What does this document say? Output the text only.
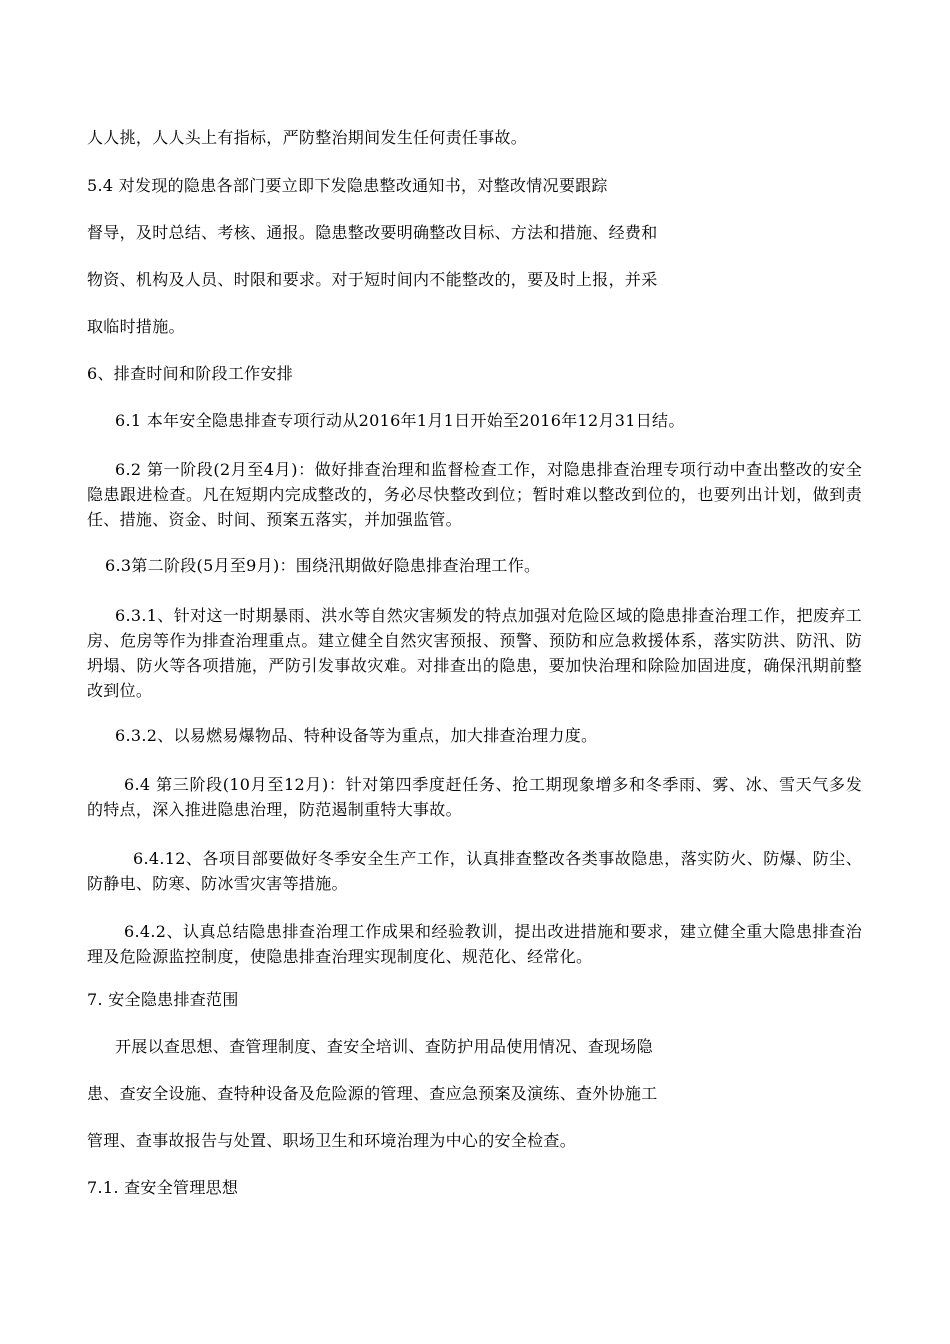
人人挑，人人头上有指标，严防整治期间发生任何责任事故。
5.4 对发现的隐患各部门要立即下发隐患整改通知书，对整改情况要跟踪
督导，及时总结、考核、通报。隐患整改要明确整改目标、方法和措施、经费和
物资、机构及人员、时限和要求。对于短时间内不能整改的，要及时上报，并采
取临时措施。
6、排查时间和阶段工作安排
6.1 本年安全隐患排查专项行动从2016年1月1日开始至2016年12月31日结。
6.2 第一阶段(2月至4月)：做好排查治理和监督检查工作，对隐患排查治理专项行动中查出整改的安全隐患跟进检查。凡在短期内完成整改的，务必尽快整改到位；暂时难以整改到位的，也要列出计划，做到责任、措施、资金、时间、预案五落实，并加强监管。
6.3第二阶段(5月至9月)：围绕汛期做好隐患排查治理工作。
6.3.1、针对这一时期暴雨、洪水等自然灾害频发的特点加强对危险区域的隐患排查治理工作，把废弃工房、危房等作为排查治理重点。建立健全自然灾害预报、预警、预防和应急救援体系，落实防洪、防汛、防坍塌、防火等各项措施，严防引发事故灾难。对排查出的隐患，要加快治理和除险加固进度，确保汛期前整改到位。
6.3.2、以易燃易爆物品、特种设备等为重点，加大排查治理力度。
6.4 第三阶段(10月至12月)：针对第四季度赶任务、抢工期现象增多和冬季雨、雾、冰、雪天气多发的特点，深入推进隐患治理，防范遏制重特大事故。
6.4.12、各项目部要做好冬季安全生产工作，认真排查整改各类事故隐患，落实防火、防爆、防尘、防静电、防寒、防冰雪灾害等措施。
6.4.2、认真总结隐患排查治理工作成果和经验教训，提出改进措施和要求，建立健全重大隐患排查治理及危险源监控制度，使隐患排查治理实现制度化、规范化、经常化。
7. 安全隐患排查范围
开展以查思想、查管理制度、查安全培训、查防护用品使用情况、查现场隐
患、查安全设施、查特种设备及危险源的管理、查应急预案及演练、查外协施工
管理、查事故报告与处置、职场卫生和环境治理为中心的安全检查。
7.1. 查安全管理思想
